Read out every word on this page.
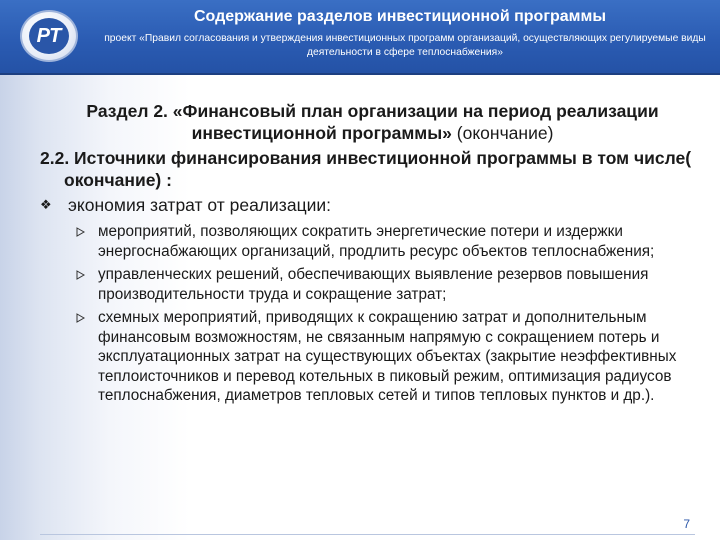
РТ
Содержание разделов инвестиционной программы
проект «Правил согласования и утверждения инвестиционных программ организаций, осуществляющих регулируемые виды деятельности в сфере теплоснабжения»
Раздел 2. «Финансовый план организации на период реализации инвестиционной программы» (окончание)
2.2. Источники финансирования инвестиционной программы в том числе( окончание) :
❖ экономия затрат от реализации:
мероприятий, позволяющих сократить энергетические потери и издержки энергоснабжающих организаций, продлить ресурс объектов теплоснабжения;
управленческих решений, обеспечивающих выявление резервов повышения производительности труда и сокращение затрат;
схемных мероприятий, приводящих к сокращению затрат и дополнительным финансовым возможностям, не связанным напрямую с сокращением потерь и эксплуатационных затрат на существующих объектах (закрытие неэффективных теплоисточников и перевод котельных в пиковый режим, оптимизация радиусов теплоснабжения, диаметров тепловых сетей и типов тепловых пунктов и др.).
7
